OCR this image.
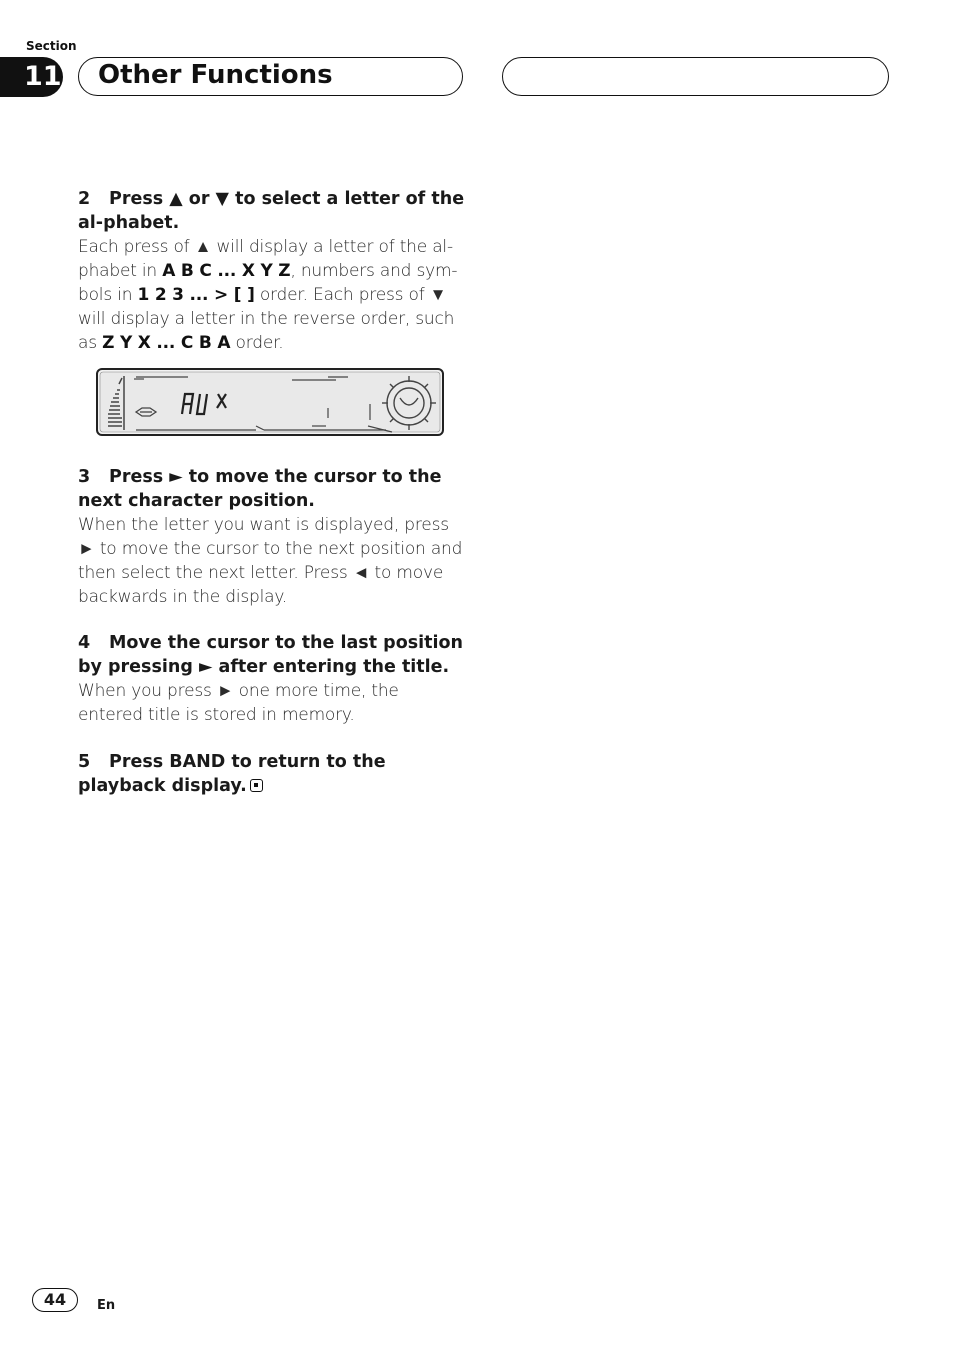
Section
11 Other Functions

2 Press ▲ or ▼ to select a letter of the al-phabet.

Each press of ▲ will display a letter of the al-phabet in A B C ... X Y Z, numbers and sym-bols in 1 2 3 ... > [ ] order. Each press of ▼ will display a letter in the reverse order, such as Z Y X ... C B A order.

3 Press ► to move the cursor to the next character position.

When the letter you want is displayed, press ► to move the cursor to the next position and then select the next letter. Press ◄ to move backwards in the display.

4 Move the cursor to the last position by pressing ► after entering the title.

When you press ► one more time, the entered title is stored in memory.

5 Press BAND to return to the playback display.

44	En
